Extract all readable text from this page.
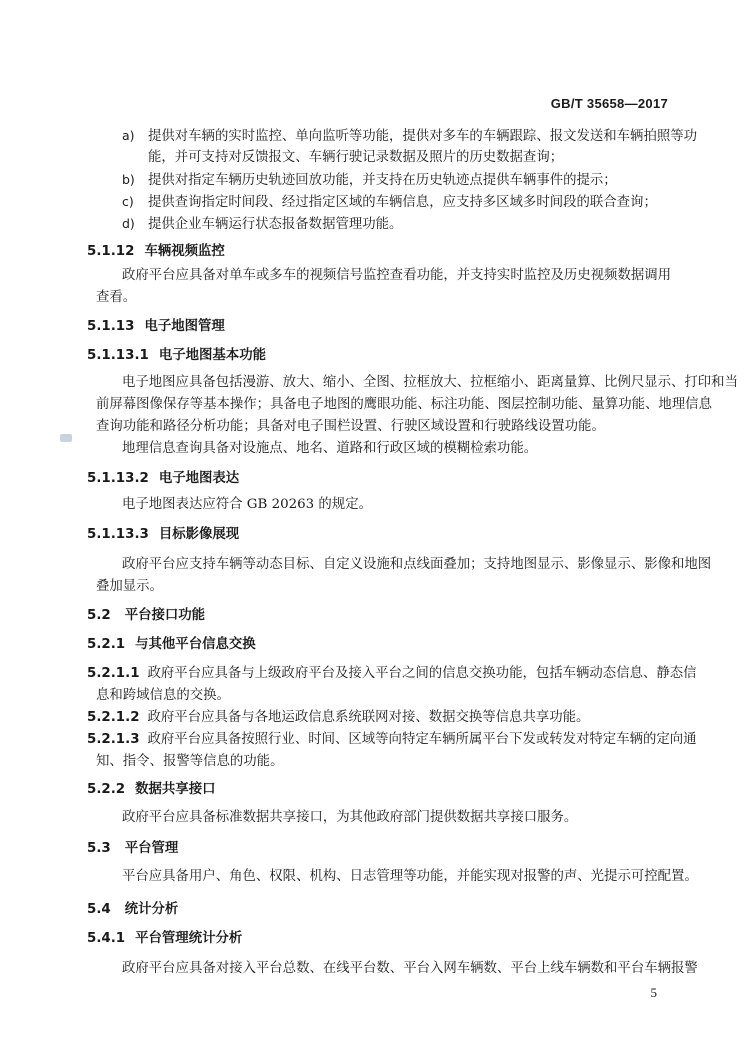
GB/T 35658—2017
a) 提供对车辆的实时监控、单向监听等功能，提供对多车的车辆跟踪、报文发送和车辆拍照等功
能，并可支持对反馈报文、车辆行驶记录数据及照片的历史数据查询；
b) 提供对指定车辆历史轨迹回放功能，并支持在历史轨迹点提供车辆事件的提示；
c) 提供查询指定时间段、经过指定区域的车辆信息，应支持多区域多时间段的联合查询；
d) 提供企业车辆运行状态报备数据管理功能。
5.1.12 车辆视频监控
政府平台应具备对单车或多车的视频信号监控查看功能，并支持实时监控及历史视频数据调用
查看。
5.1.13 电子地图管理
5.1.13.1 电子地图基本功能
电子地图应具备包括漫游、放大、缩小、全图、拉框放大、拉框缩小、距离量算、比例尺显示、打印和当
前屏幕图像保存等基本操作；具备电子地图的鹰眼功能、标注功能、图层控制功能、量算功能、地理信息
查询功能和路径分析功能；具备对电子围栏设置、行驶区域设置和行驶路线设置功能。
地理信息查询具备对设施点、地名、道路和行政区域的模糊检索功能。
5.1.13.2 电子地图表达
电子地图表达应符合 GB 20263 的规定。
5.1.13.3 目标影像展现
政府平台应支持车辆等动态目标、自定义设施和点线面叠加；支持地图显示、影像显示、影像和地图
叠加显示。
5.2 平台接口功能
5.2.1 与其他平台信息交换
5.2.1.1 政府平台应具备与上级政府平台及接入平台之间的信息交换功能，包括车辆动态信息、静态信
息和跨域信息的交换。
5.2.1.2 政府平台应具备与各地运政信息系统联网对接、数据交换等信息共享功能。
5.2.1.3 政府平台应具备按照行业、时间、区域等向特定车辆所属平台下发或转发对特定车辆的定向通
知、指令、报警等信息的功能。
5.2.2 数据共享接口
政府平台应具备标准数据共享接口，为其他政府部门提供数据共享接口服务。
5.3 平台管理
平台应具备用户、角色、权限、机构、日志管理等功能，并能实现对报警的声、光提示可控配置。
5.4 统计分析
5.4.1 平台管理统计分析
政府平台应具备对接入平台总数、在线平台数、平台入网车辆数、平台上线车辆数和平台车辆报警
5
